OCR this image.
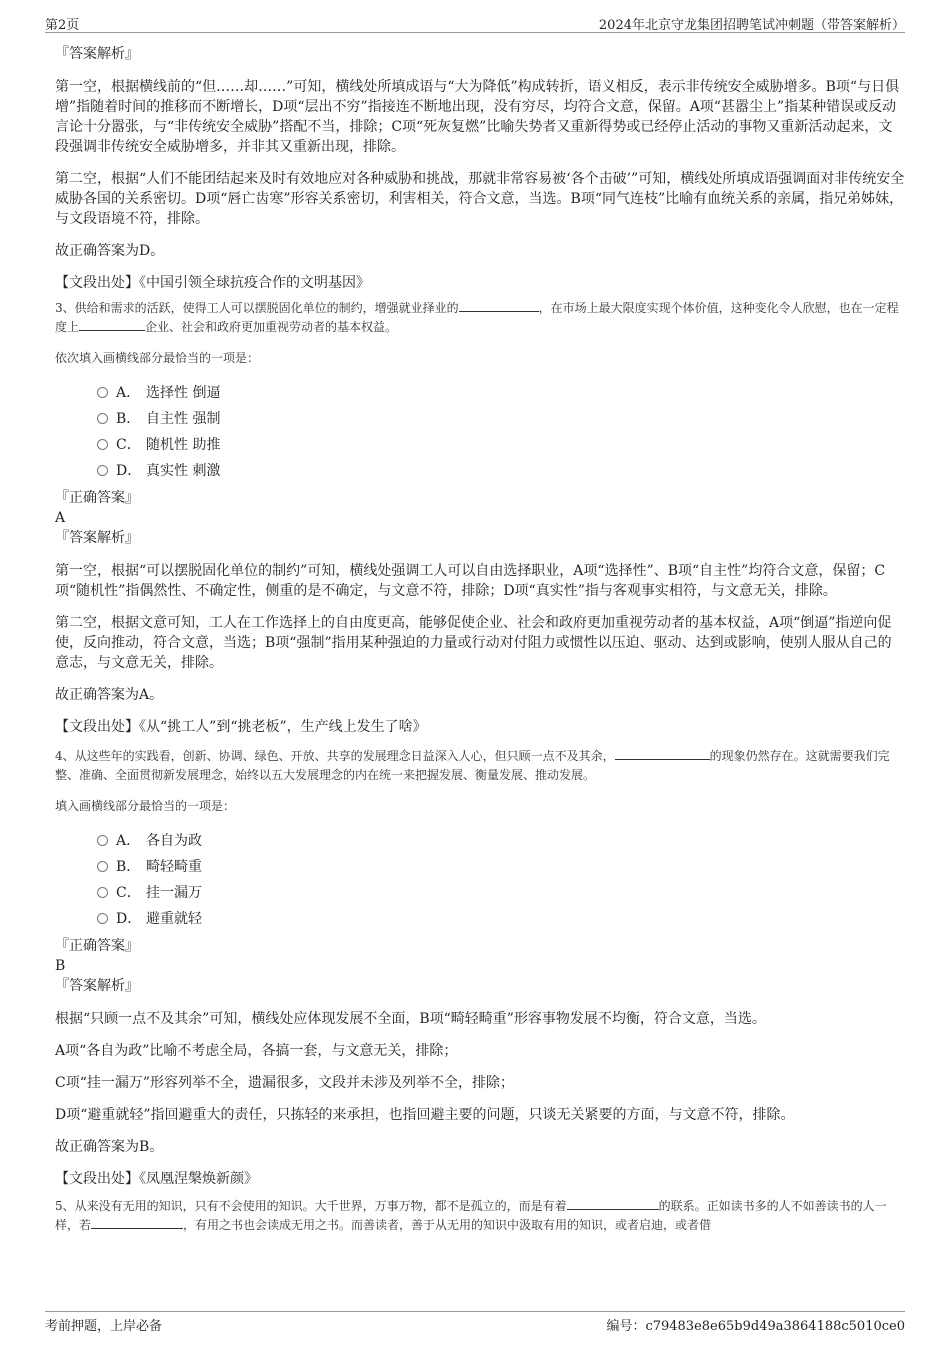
第2页	2024年北京守龙集团招聘笔试冲刺题（带答案解析）
『答案解析』

第一空，根据横线前的“但……却……”可知，横线处所填成语与“大为降低”构成转折，语义相反，表示非传统安全威胁增多。B项“与日俱增”指随着时间的推移而不断增长，D项“层出不穷”指接连不断地出现，没有穷尽，均符合文意，保留。A项“甚嚣尘上”指某种错误或反动言论十分嚣张，与“非传统安全威胁”搭配不当，排除；C项“死灰复燃”比喻失势者又重新得势或已经停止活动的事物又重新活动起来，文段强调非传统安全威胁增多，并非其又重新出现，排除。

第二空，根据“人们不能团结起来及时有效地应对各种威胁和挑战，那就非常容易被‘各个击破’”可知，横线处所填成语强调面对非传统安全威胁各国的关系密切。D项“唇亡齿寒”形容关系密切，利害相关，符合文意，当选。B项“同气连枝”比喻有血统关系的亲属，指兄弟姊妹，与文段语境不符，排除。

故正确答案为D。

【文段出处】《中国引领全球抗疫合作的文明基因》

3、供给和需求的活跃，使得工人可以摆脱固化单位的制约，增强就业择业的	，在市场上最大限度实现个体价值，这种变化令人欣慰，也在一定程度上	企业、社会和政府更加重视劳动者的基本权益。

依次填入画横线部分最恰当的一项是：

A． 选择性 倒逼
B． 自主性 强制
C． 随机性 助推
D． 真实性 刺激
『正确答案』
A
『答案解析』

第一空，根据“可以摆脱固化单位的制约”可知，横线处强调工人可以自由选择职业，A项“选择性”、B项“自主性”均符合文意，保留；C项“随机性”指偶然性、不确定性，侧重的是不确定，与文意不符，排除；D项“真实性”指与客观事实相符，与文意无关，排除。

第二空，根据文意可知，工人在工作选择上的自由度更高，能够促使企业、社会和政府更加重视劳动者的基本权益，A项“倒逼”指逆向促使，反向推动，符合文意，当选；B项“强制”指用某种强迫的力量或行动对付阻力或惯性以压迫、驱动、达到或影响，使别人服从自己的意志，与文意无关，排除。

故正确答案为A。

【文段出处】《从“挑工人”到“挑老板”，生产线上发生了啥》

4、从这些年的实践看，创新、协调、绿色、开放、共享的发展理念日益深入人心，但只顾一点不及其余，	的现象仍然存在。这就需要我们完整、准确、全面贯彻新发展理念，始终以五大发展理念的内在统一来把握发展、衡量发展、推动发展。

填入画横线部分最恰当的一项是：

A． 各自为政
B． 畸轻畸重
C． 挂一漏万
D． 避重就轻
『正确答案』
B
『答案解析』

根据“只顾一点不及其余”可知，横线处应体现发展不全面，B项“畸轻畸重”形容事物发展不均衡，符合文意，当选。

A项“各自为政”比喻不考虑全局，各搞一套，与文意无关，排除；

C项“挂一漏万”形容列举不全，遗漏很多，文段并未涉及列举不全，排除；

D项“避重就轻”指回避重大的责任，只拣轻的来承担，也指回避主要的问题，只谈无关紧要的方面，与文意不符，排除。

故正确答案为B。

【文段出处】《凤凰涅槃焕新颜》

5、从来没有无用的知识，只有不会使用的知识。大千世界，万事万物，都不是孤立的，而是有着	的联系。正如读书多的人不如善读书的人一样，若	，有用之书也会读成无用之书。而善读者，善于从无用的知识中汲取有用的知识，或者启迪，或者借

考前押题，上岸必备	编号：c79483e8e65b9d49a3864188c5010ce0
